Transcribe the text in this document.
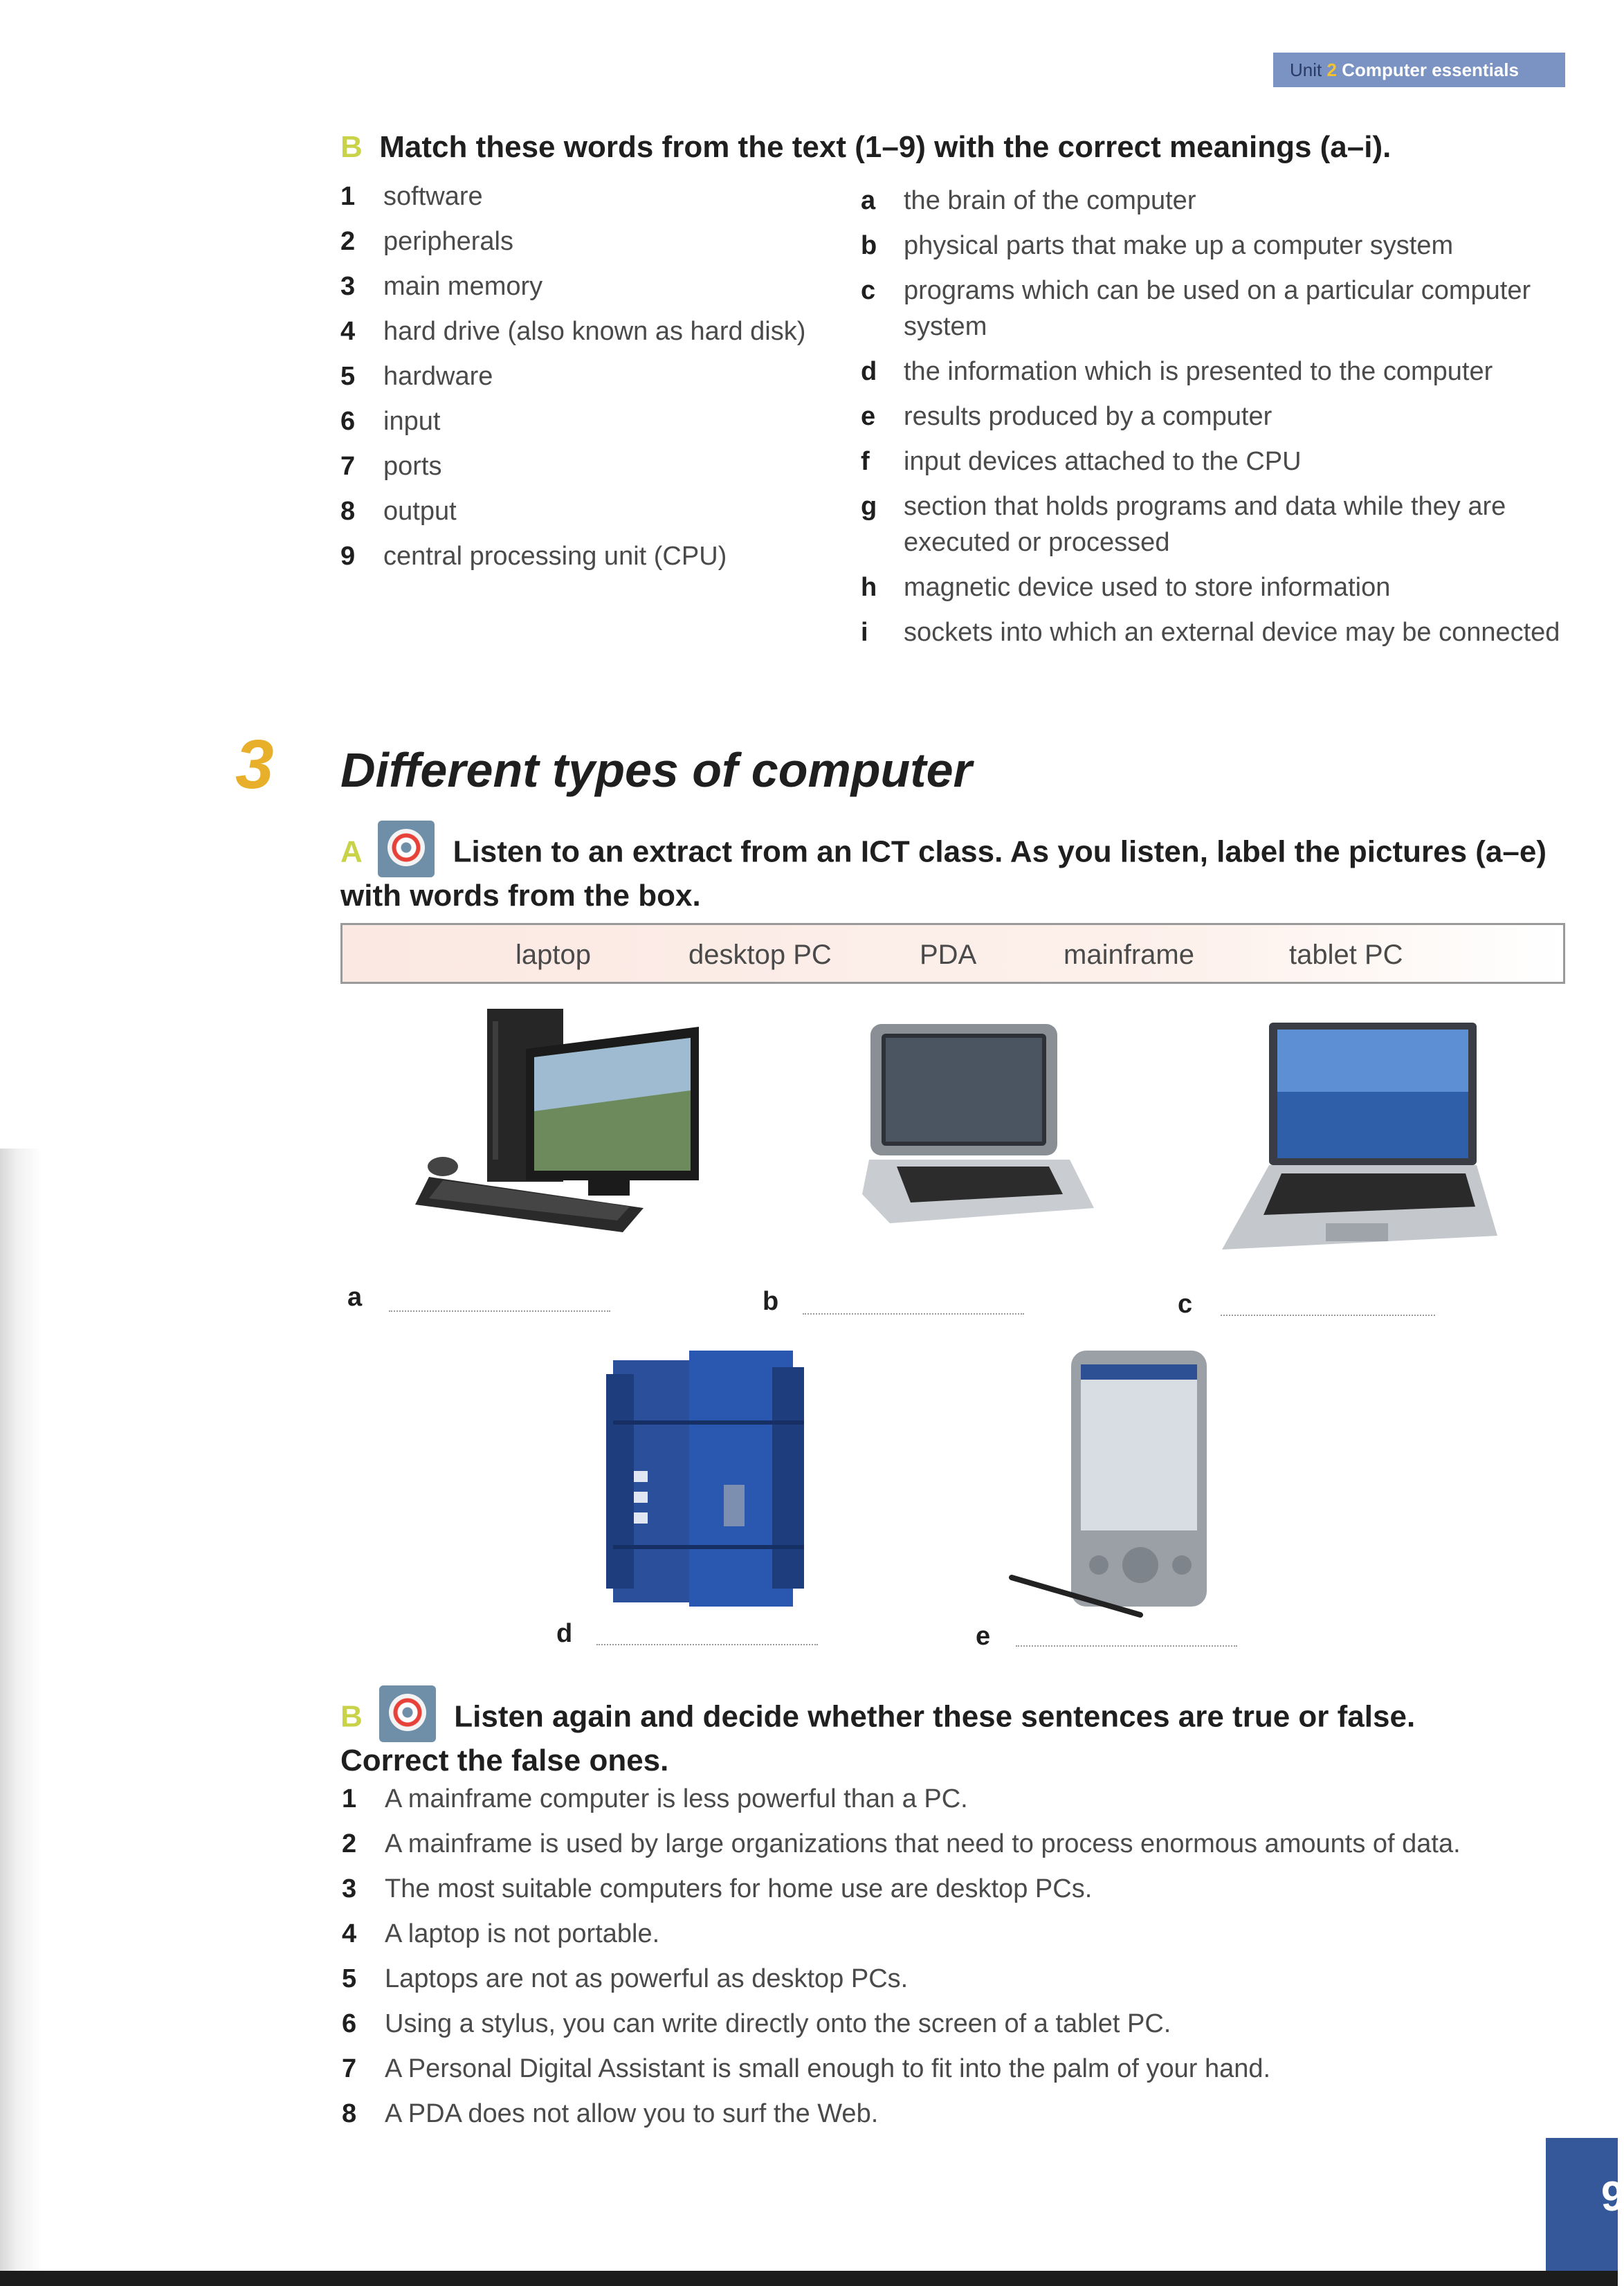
Unit 2 Computer essentials
B Match these words from the text (1–9) with the correct meanings (a–i).
1 software
2 peripherals
3 main memory
4 hard drive (also known as hard disk)
5 hardware
6 input
7 ports
8 output
9 central processing unit (CPU)
a the brain of the computer
b physical parts that make up a computer system
c programs which can be used on a particular computer system
d the information which is presented to the computer
e results produced by a computer
f input devices attached to the CPU
g section that holds programs and data while they are executed or processed
h magnetic device used to store information
i sockets into which an external device may be connected
3 Different types of computer
A	Listen to an extract from an ICT class. As you listen, label the pictures (a–e) with words from the box.
laptop	desktop PC	PDA	mainframe	tablet PC
a	b	c
d	e
B	Listen again and decide whether these sentences are true or false.
Correct the false ones.
1 A mainframe computer is less powerful than a PC.
2 A mainframe is used by large organizations that need to process enormous amounts of data.
3 The most suitable computers for home use are desktop PCs.
4 A laptop is not portable.
5 Laptops are not as powerful as desktop PCs.
6 Using a stylus, you can write directly onto the screen of a tablet PC.
7 A Personal Digital Assistant is small enough to fit into the palm of your hand.
8 A PDA does not allow you to surf the Web.
9
